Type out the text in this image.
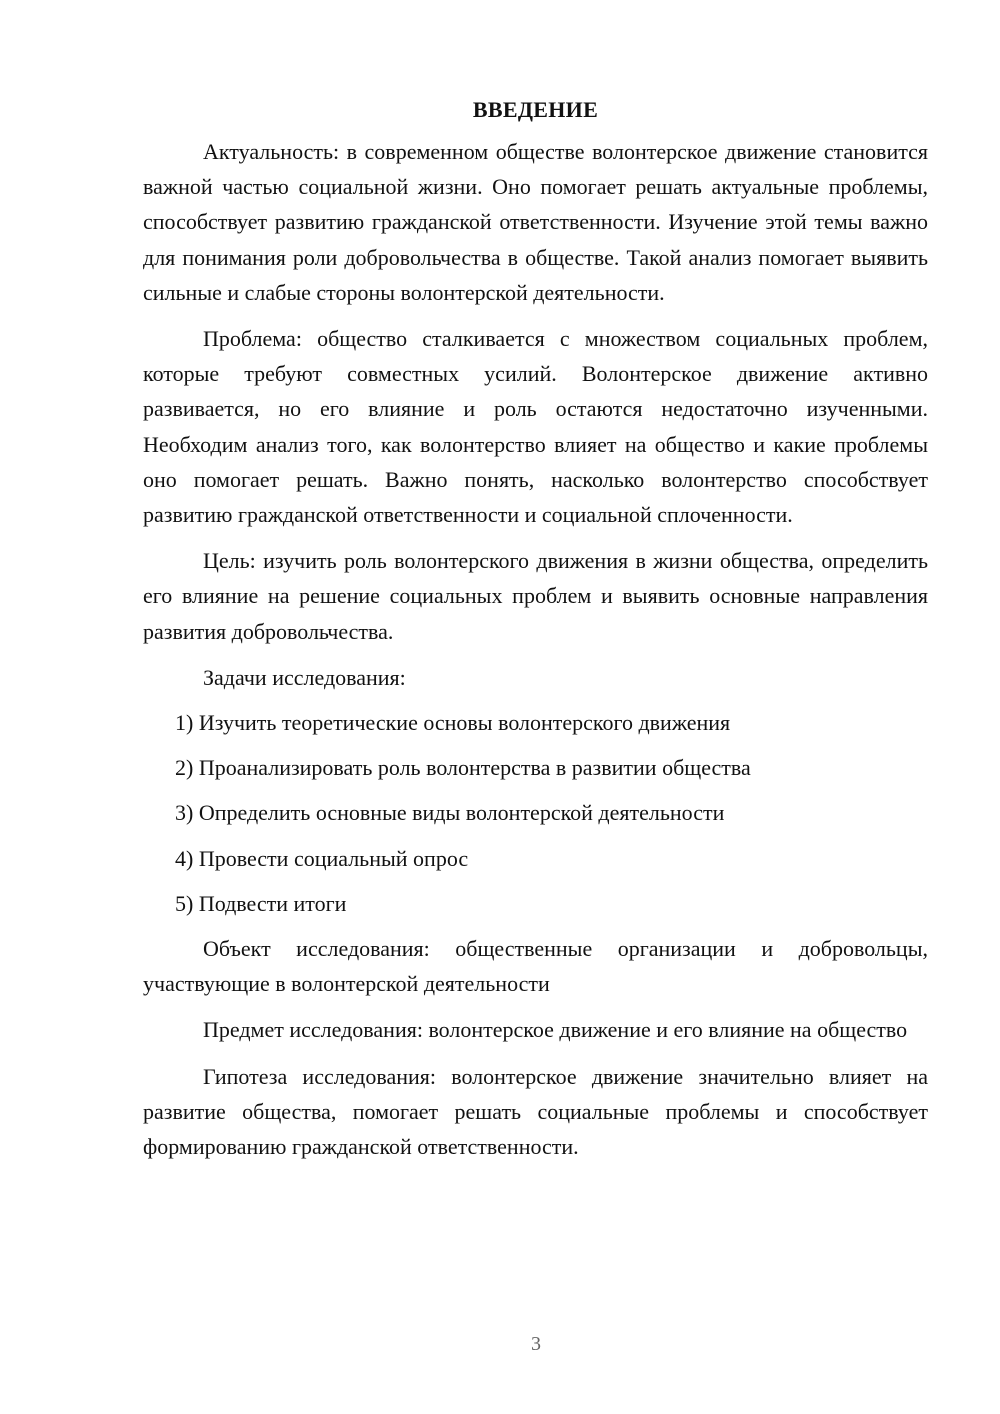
ВВЕДЕНИЕ

Актуальность: в современном обществе волонтерское движение становится важной частью социальной жизни. Оно помогает решать актуальные проблемы, способствует развитию гражданской ответственности. Изучение этой темы важно для понимания роли добровольчества в обществе. Такой анализ помогает выявить сильные и слабые стороны волонтерской деятельности.

Проблема: общество сталкивается с множеством социальных проблем, которые требуют совместных усилий. Волонтерское движение активно развивается, но его влияние и роль остаются недостаточно изученными. Необходим анализ того, как волонтерство влияет на общество и какие проблемы оно помогает решать. Важно понять, насколько волонтерство способствует развитию гражданской ответственности и социальной сплоченности.

Цель: изучить роль волонтерского движения в жизни общества, определить его влияние на решение социальных проблем и выявить основные направления развития добровольчества.

Задачи исследования:

1) Изучить теоретические основы волонтерского движения
2) Проанализировать роль волонтерства в развитии общества
3) Определить основные виды волонтерской деятельности
4) Провести социальный опрос
5) Подвести итоги

Объект исследования: общественные организации и добровольцы, участвующие в волонтерской деятельности

Предмет исследования: волонтерское движение и его влияние на общество

Гипотеза исследования: волонтерское движение значительно влияет на развитие общества, помогает решать социальные проблемы и способствует формированию гражданской ответственности.

3
